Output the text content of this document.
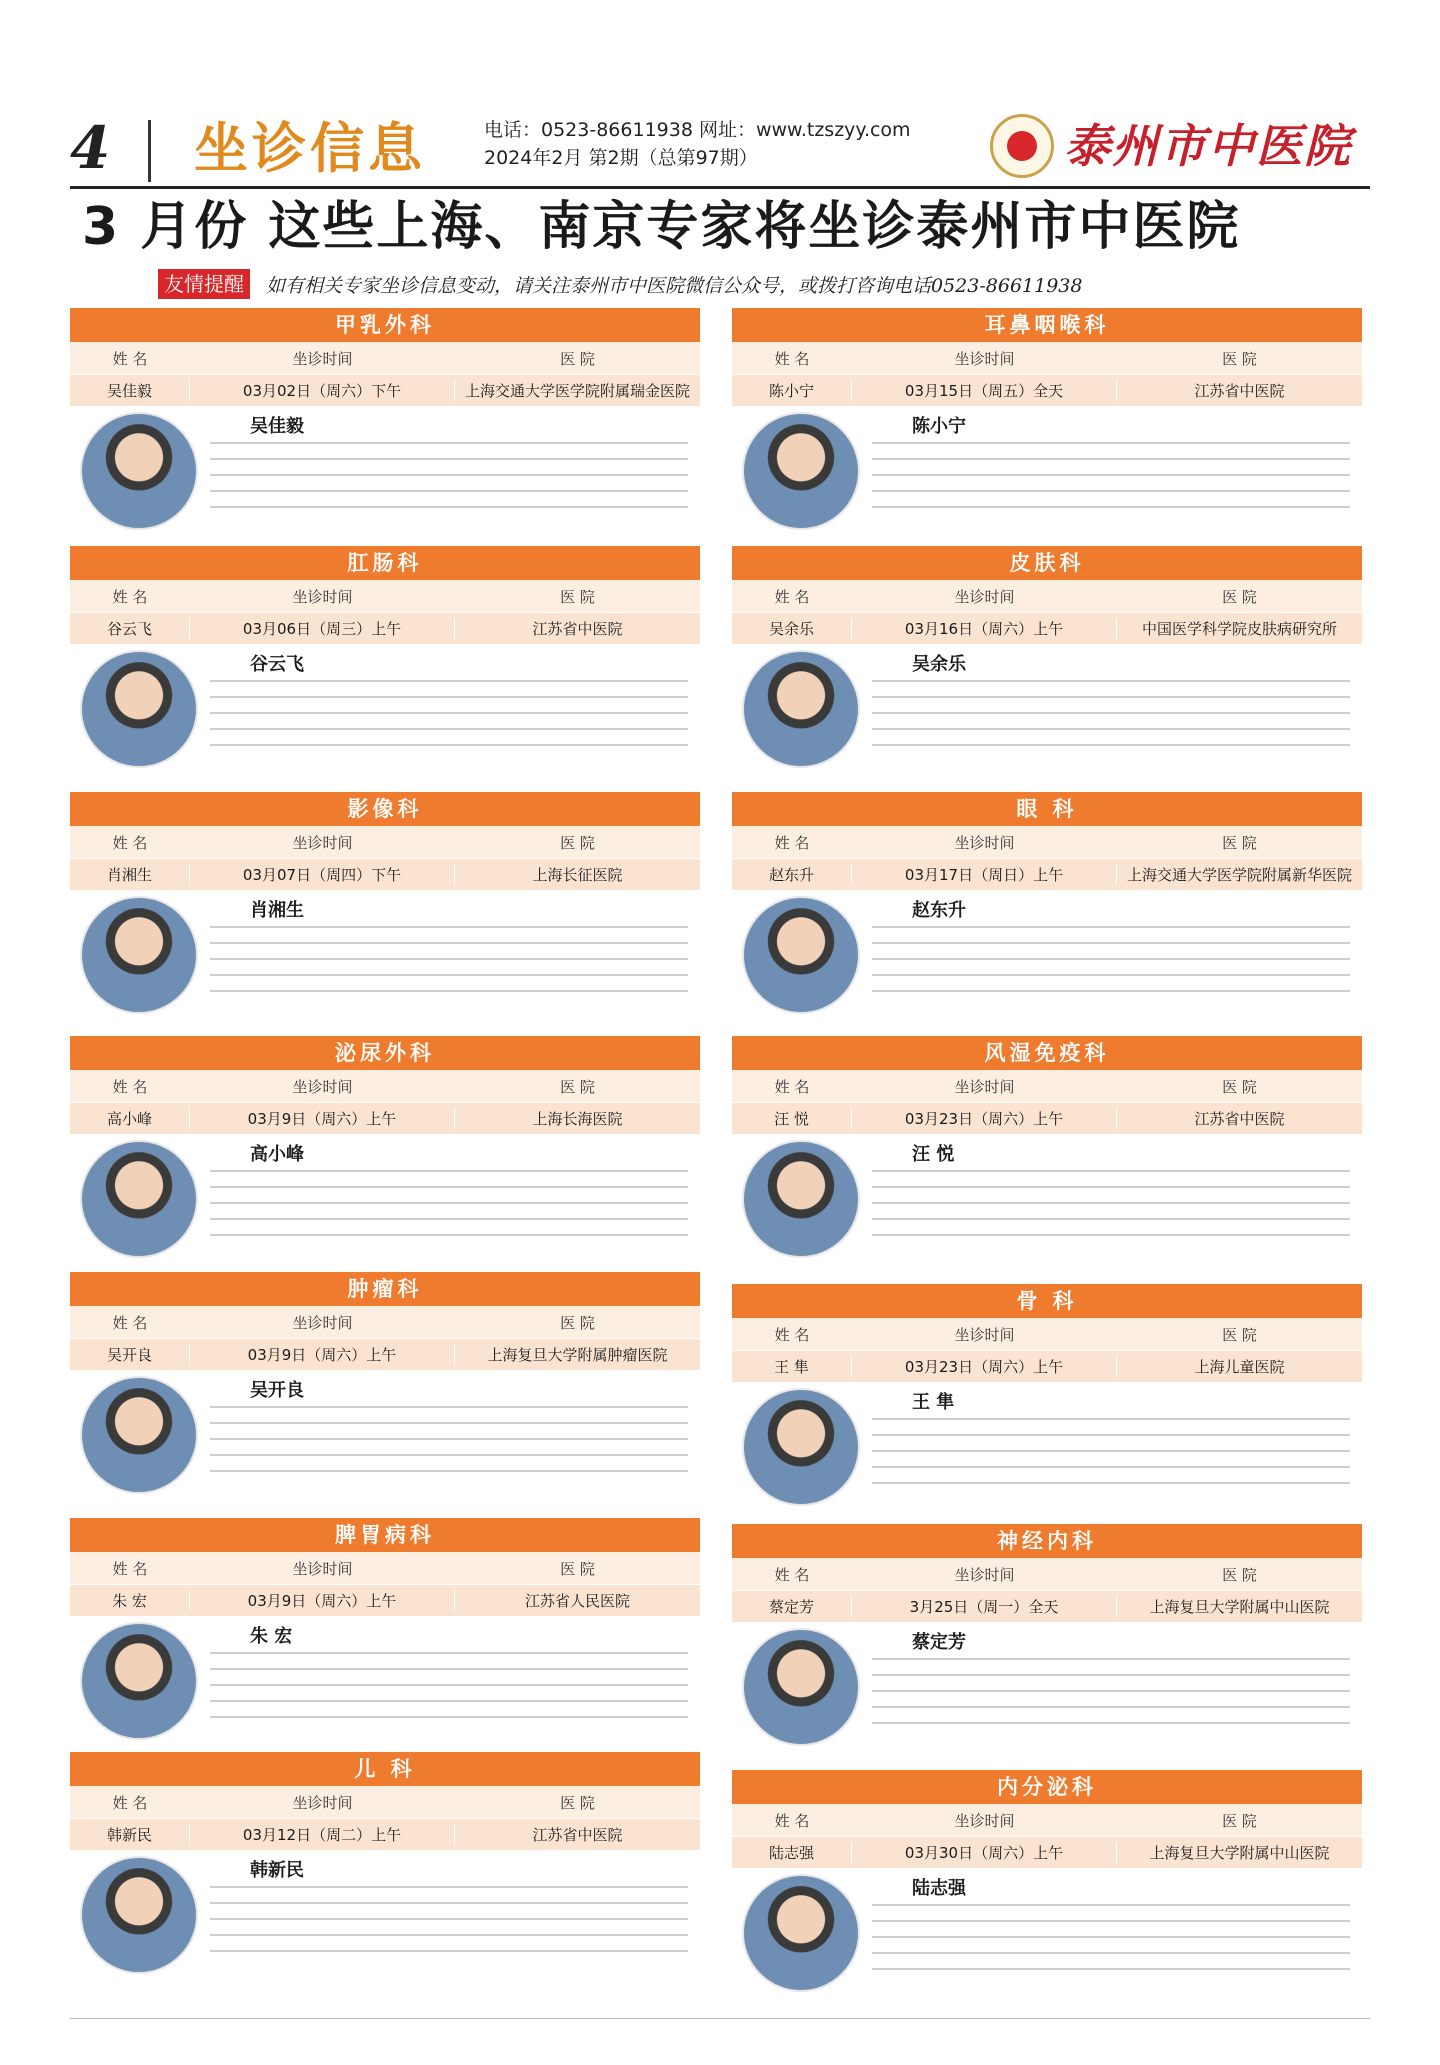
4 坐诊信息	电话：0523-86611938 网址：www.tzszyy.com
2024年2月 第2期（总第97期）	泰州市中医院
3 月份 这些上海、南京专家将坐诊泰州市中医院
友情提醒	如有相关专家坐诊信息变动，请关注泰州市中医院微信公众号，或拨打咨询电话0523-86611938
甲乳外科
姓 名	坐诊时间	医 院
吴佳毅	03月02日（周六）下午	上海交通大学医学院附属瑞金医院
吴佳毅
肛肠科
姓 名	坐诊时间	医 院
谷云飞	03月06日（周三）上午	江苏省中医院
谷云飞
影像科
姓 名	坐诊时间	医 院
肖湘生	03月07日（周四）下午	上海长征医院
肖湘生
泌尿外科
姓 名	坐诊时间	医 院
高小峰	03月9日（周六）上午	上海长海医院
高小峰
肿瘤科
姓 名	坐诊时间	医 院
吴开良	03月9日（周六）上午	上海复旦大学附属肿瘤医院
吴开良
脾胃病科
姓 名	坐诊时间	医 院
朱 宏	03月9日（周六）上午	江苏省人民医院
朱 宏
儿 科
姓 名	坐诊时间	医 院
韩新民	03月12日（周二）上午	江苏省中医院
韩新民
耳鼻咽喉科
姓 名	坐诊时间	医 院
陈小宁	03月15日（周五）全天	江苏省中医院
陈小宁
皮肤科
姓 名	坐诊时间	医 院
吴余乐	03月16日（周六）上午	中国医学科学院皮肤病研究所
吴余乐
眼 科
姓 名	坐诊时间	医 院
赵东升	03月17日（周日）上午	上海交通大学医学院附属新华医院
赵东升
风湿免疫科
姓 名	坐诊时间	医 院
汪 悦	03月23日（周六）上午	江苏省中医院
汪 悦
骨 科
姓 名	坐诊时间	医 院
王 隼	03月23日（周六）上午	上海儿童医院
王 隼
神经内科
姓 名	坐诊时间	医 院
蔡定芳	3月25日（周一）全天	上海复旦大学附属中山医院
蔡定芳
内分泌科
姓 名	坐诊时间	医 院
陆志强	03月30日（周六）上午	上海复旦大学附属中山医院
陆志强
